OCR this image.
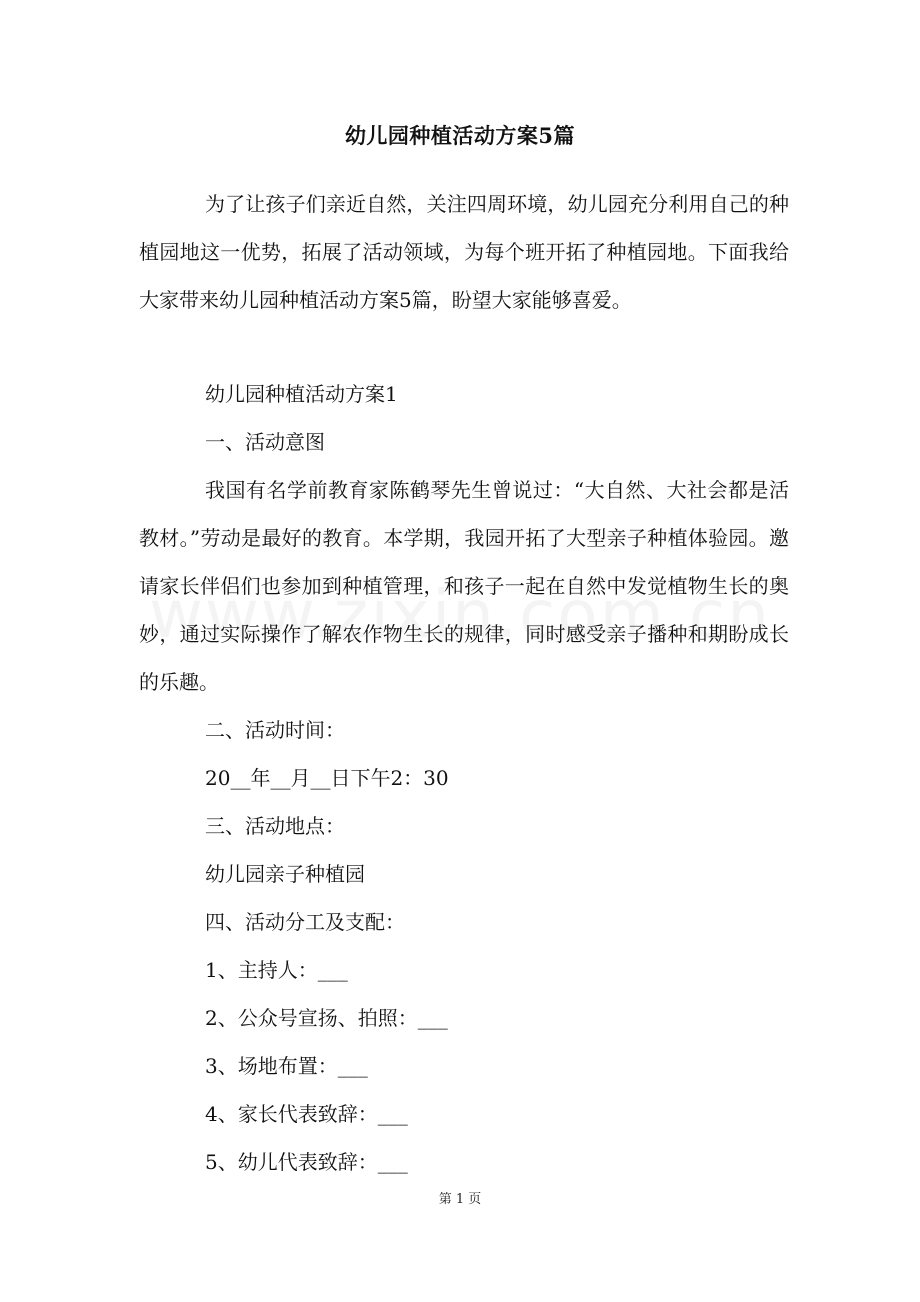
幼儿园种植活动方案5篇
为了让孩子们亲近自然，关注四周环境，幼儿园充分利用自己的种植园地这一优势，拓展了活动领域，为每个班开拓了种植园地。下面我给大家带来幼儿园种植活动方案5篇，盼望大家能够喜爱。

幼儿园种植活动方案1

一、活动意图

我国有名学前教育家陈鹤琴先生曾说过：“大自然、大社会都是活教材。”劳动是最好的教育。本学期，我园开拓了大型亲子种植体验园。邀请家长伴侣们也参加到种植管理，和孩子一起在自然中发觉植物生长的奥妙，通过实际操作了解农作物生长的规律，同时感受亲子播种和期盼成长的乐趣。

二、活动时间：

20__年__月__日下午2：30

三、活动地点：

幼儿园亲子种植园

四、活动分工及支配：

1、主持人：___

2、公众号宣扬、拍照：___

3、场地布置：___

4、家长代表致辞：___

5、幼儿代表致辞：___

第 1 页
